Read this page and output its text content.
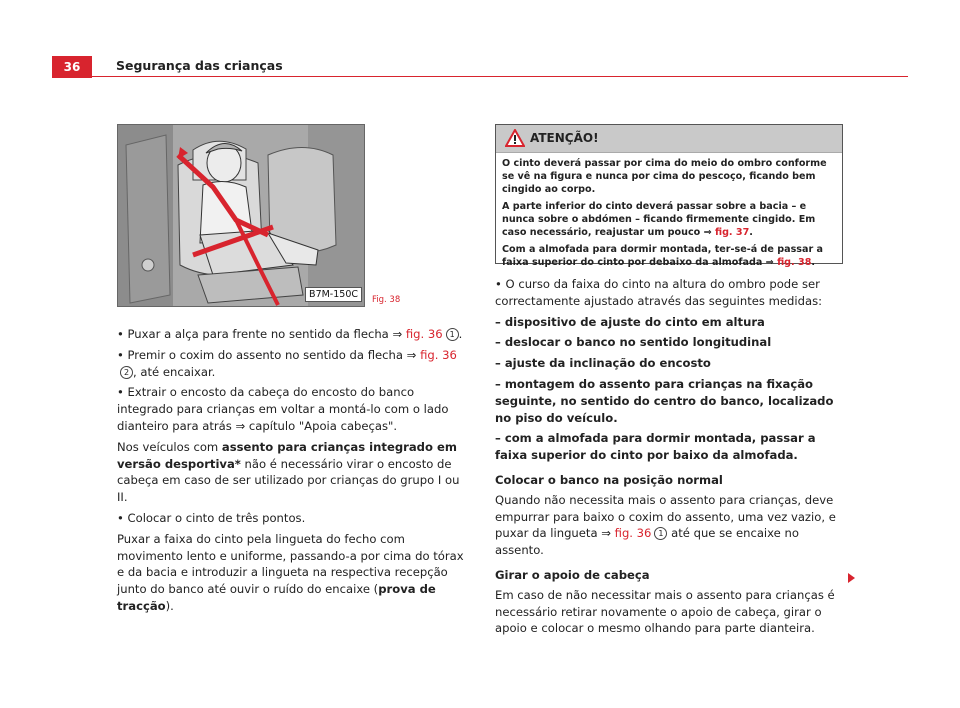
36	Segurança das crianças
B7M-150C	Fig. 38

• Puxar a alça para frente no sentido da flecha ⇒ fig. 36 1 .

• Premir o coxim do assento no sentido da flecha ⇒ fig. 362 , até encaixar.

• Extrair o encosto da cabeça do encosto do banco integrado para crianças em voltar a montá-lo com o lado dianteiro para atrás ⇒ capítulo "Apoia cabeças".

Nos veículos com assento para crianças integrado em versão desportiva* não é necessário virar o encosto de cabeça em caso de ser utilizado por crianças do grupo I ou II.

• Colocar o cinto de três pontos.

Puxar a faixa do cinto pela lingueta do fecho com movimento lento e uniforme, passando-a por cima do tórax e da bacia e introduzir a lingueta na respectiva recepção junto do banco até ouvir o ruído do encaixe (prova de tracção).

ATENÇÃO!

O cinto deverá passar por cima do meio do ombro conforme se vê na figura e nunca por cima do pescoço, ficando bem cingido ao corpo.

A parte inferior do cinto deverá passar sobre a bacia – e nunca sobre o abdómen – ficando firmemente cingido. Em caso necessário, reajustar um pouco ⇒ fig. 37.

Com a almofada para dormir montada, ter-se-á de passar a faixa superior do cinto por debaixo da almofada ⇒ fig. 38.

• O curso da faixa do cinto na altura do ombro pode ser correctamente ajustado através das seguintes medidas:

– dispositivo de ajuste do cinto em altura

– deslocar o banco no sentido longitudinal

– ajuste da inclinação do encosto

– montagem do assento para crianças na fixação seguinte, no sentido do centro do banco, localizado no piso do veículo.

– com a almofada para dormir montada, passar a faixa superior do cinto por baixo da almofada.

Colocar o banco na posição normal

Quando não necessita mais o assento para crianças, deve empurrar para baixo o coxim do assento, uma vez vazio, e puxar da lingueta ⇒ fig. 36 1 até que se encaixe no assento.

Girar o apoio de cabeça

Em caso de não necessitar mais o assento para crianças é necessário retirar novamente o apoio de cabeça, girar o apoio e colocar o mesmo olhando para parte dianteira.
